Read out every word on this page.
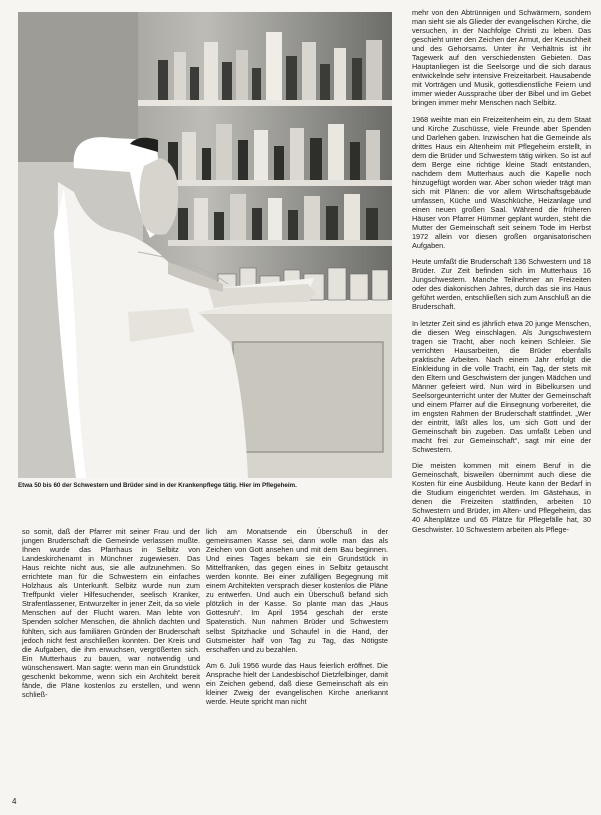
Etwa 50 bis 60 der Schwestern und Brüder sind in der Krankenpflege tätig. Hier im Pflegeheim.

mehr von den Abtrünnigen und Schwärmern, sondern man sieht sie als Glieder der evangelischen Kirche, die versuchen, in der Nachfolge Christi zu leben. Das geschieht unter den Zeichen der Armut, der Keuschheit und des Gehorsams. Unter ihr Verhältnis ist ihr Tagewerk auf den verschiedensten Gebieten. Das Hauptanliegen ist die Seelsorge und die sich daraus entwickelnde sehr intensive Freizeitarbeit. Hausabende mit Vorträgen und Musik, gottesdienstliche Feiern und immer wieder Aussprache über der Bibel und im Gebet bringen immer mehr Menschen nach Selbitz.

1968 weihte man ein Freizeitenheim ein, zu dem Staat und Kirche Zuschüsse, viele Freunde aber Spenden und Darlehen gaben. Inzwischen hat die Gemeinde als drittes Haus ein Altenheim mit Pflegeheim erstellt, in dem die Brüder und Schwestern tätig wirken. So ist auf dem Berge eine richtige kleine Stadt entstanden, nachdem dem Mutterhaus auch die Kapelle noch hinzugefügt worden war. Aber schon wieder trägt man sich mit Plänen: die vor allem Wirtschaftsgebäude umfassen, Küche und Waschküche, Heizanlage und einen neuen großen Saal. Während die früheren Häuser von Pfarrer Hümmer geplant wurden, steht die Mutter der Gemeinschaft seit seinem Tode im Herbst 1972 allein vor diesen großen organisatorischen Aufgaben.

Heute umfaßt die Bruderschaft 136 Schwestern und 18 Brüder. Zur Zeit befinden sich im Mutterhaus 16 Jungschwestern. Manche Teilnehmer an Freizeiten oder des diakonischen Jahres, durch das sie ins Haus geführt werden, entschließen sich zum Anschluß an die Bruderschaft.

In letzter Zeit sind es jährlich etwa 20 junge Menschen, die diesen Weg einschlagen. Als Jungschwestern tragen sie Tracht, aber noch keinen Schleier. Sie verrichten Hausarbeiten, die Brüder ebenfalls praktische Arbeiten. Nach einem Jahr erfolgt die Einkleidung in die volle Tracht, ein Tag, der stets mit den Eltern und Geschwistern der jungen Mädchen und Männer gefeiert wird. Nun wird in Bibelkursen und Seelsorgeunterricht unter der Mutter der Gemeinschaft und einem Pfarrer auf die Einsegnung vorbereitet, die im engsten Rahmen der Bruderschaft stattfindet. „Wer der eintritt, läßt alles los, um sich Gott und der Gemeinschaft bin zugeben. Das umfaßt Leben und macht frei zur Gemeinschaft“, sagt mir eine der Schwestern.

Die meisten kommen mit einem Beruf in die Gemeinschaft, bisweilen übernimmt auch diese die Kosten für eine Ausbildung. Heute kann der Bedarf in die Studium eingerichtet werden. Im Gästehaus, in denen die Freizeiten stattfinden, arbeiten 10 Schwestern und Brüder, im Alten- und Pflegeheim, das 40 Altenplätze und 65 Plätze für Pflegefälle hat, 30 Geschwister. 10 Schwestern arbeiten als Pflege-

so somit, daß der Pfarrer mit seiner Frau und der jungen Bruderschaft die Gemeinde verlassen mußte. Ihnen wurde das Pfarrhaus in Selbitz von Landeskirchenamt in Münchner zugewiesen. Das Haus reichte nicht aus, sie alle aufzunehmen. So errichtete man für die Schwestern ein einfaches Holzhaus als Unterkunft. Selbitz wurde nun zum Treffpunkt vieler Hilfesuchender, seelisch Kranker, Strafentlassener, Entwurzelter in jener Zeit, da so viele Menschen auf der Flucht waren. Man lebte von Spenden solcher Menschen, die ähnlich dachten und fühlten, sich aus familiären Gründen der Bruderschaft jedoch nicht fest anschließen konnten. Der Kreis und die Aufgaben, die ihm erwuchsen, vergrößerten sich. Ein Mutterhaus zu bauen, war notwendig und wünschenswert. Man sagte: wenn man ein Grundstück geschenkt bekomme, wenn sich ein Architekt bereit fände, die Pläne kostenlos zu erstellen, und wenn schließ-

lich am Monatsende ein Überschuß in der gemeinsamen Kasse sei, dann wolle man das als Zeichen von Gott ansehen und mit dem Bau beginnen. Und eines Tages bekam sie ein Grundstück in Mittelfranken, das gegen eines in Selbitz getauscht werden konnte. Bei einer zufälligen Begegnung mit einem Architekten versprach dieser kostenlos die Pläne zu entwerfen. Und auch ein Überschuß befand sich plötzlich in der Kasse. So plante man das „Haus Gottesruh“. Im April 1954 geschah der erste Spatenstich. Nun nahmen Brüder und Schwestern selbst Spitzhacke und Schaufel in die Hand, der Gutsmeister half von Tag zu Tag, das Nötigste erschaffen und zu bezahlen.

Am 6. Juli 1956 wurde das Haus feierlich eröffnet. Die Ansprache hielt der Landesbischof Dietzfelbinger, damit ein Zeichen gebend, daß diese Gemeinschaft als ein kleiner Zweig der evangelischen Kirche anerkannt werde. Heute spricht man nicht

4
